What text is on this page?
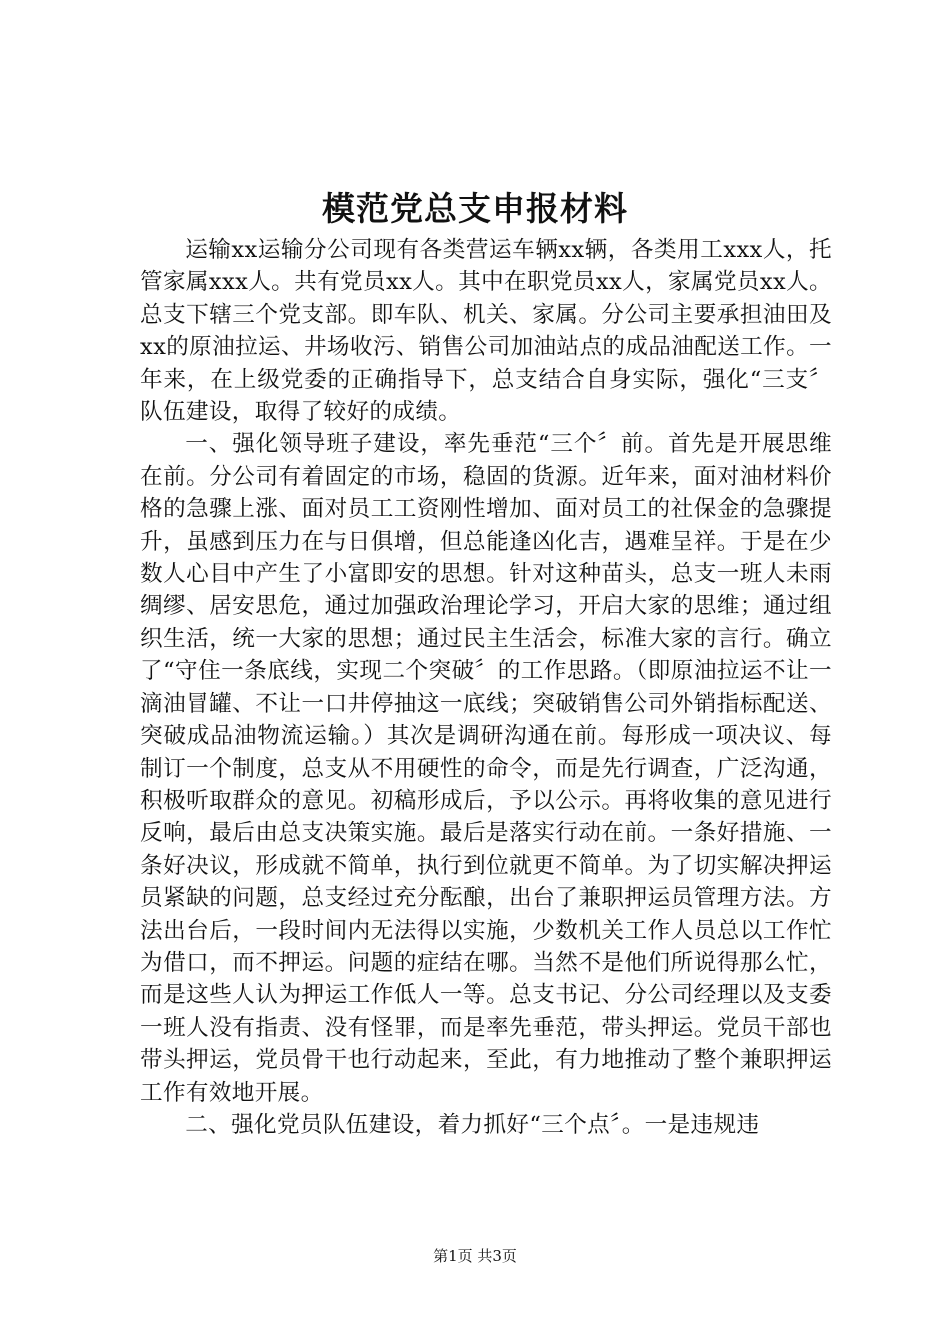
模范党总支申报材料

运输xx运输分公司现有各类营运车辆xx辆，各类用工xxx人，托管家属xxx人。共有党员xx人。其中在职党员xx人，家属党员xx人。总支下辖三个党支部。即车队、机关、家属。分公司主要承担油田及xx的原油拉运、井场收污、销售公司加油站点的成品油配送工作。一年来，在上级党委的正确指导下，总支结合自身实际，强化“三支〞队伍建设，取得了较好的成绩。

一、强化领导班子建设，率先垂范“三个〞前。首先是开展思维在前。分公司有着固定的市场，稳固的货源。近年来，面对油材料价格的急骤上涨、面对员工工资刚性增加、面对员工的社保金的急骤提升，虽感到压力在与日俱增，但总能逢凶化吉，遇难呈祥。于是在少数人心目中产生了小富即安的思想。针对这种苗头，总支一班人未雨绸缪、居安思危，通过加强政治理论学习，开启大家的思维；通过组织生活，统一大家的思想；通过民主生活会，标准大家的言行。确立了“守住一条底线，实现二个突破〞的工作思路。（即原油拉运不让一滴油冒罐、不让一口井停抽这一底线；突破销售公司外销指标配送、突破成品油物流运输。）其次是调研沟通在前。每形成一项决议、每制订一个制度，总支从不用硬性的命令，而是先行调查，广泛沟通，积极听取群众的意见。初稿形成后，予以公示。再将收集的意见进行反响，最后由总支决策实施。最后是落实行动在前。一条好措施、一条好决议，形成就不简单，执行到位就更不简单。为了切实解决押运员紧缺的问题，总支经过充分酝酿，出台了兼职押运员管理方法。方法出台后，一段时间内无法得以实施，少数机关工作人员总以工作忙为借口，而不押运。问题的症结在哪。当然不是他们所说得那么忙，而是这些人认为押运工作低人一等。总支书记、分公司经理以及支委一班人没有指责、没有怪罪，而是率先垂范，带头押运。党员干部也带头押运，党员骨干也行动起来，至此，有力地推动了整个兼职押运工作有效地开展。

二、强化党员队伍建设，着力抓好“三个点〞。一是违规违

第1页 共3页
